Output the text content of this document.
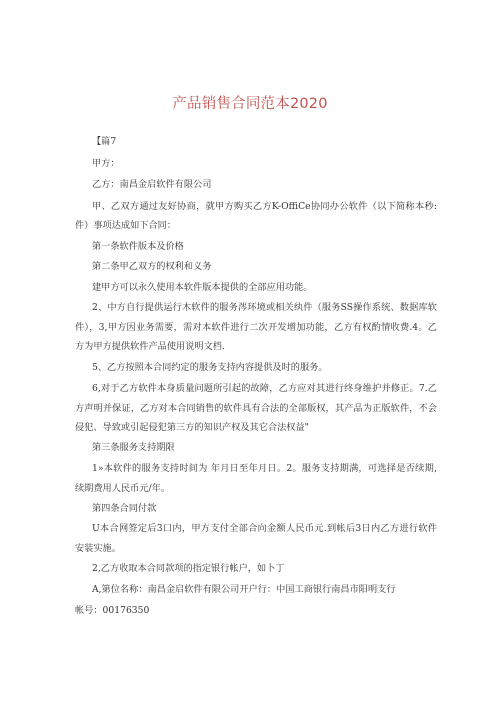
产品销售合同范本2020
【篇7
甲方：
乙方：南昌金启软件有限公司
甲、乙双方通过友好协商，就甲方购买乙方K-OffiCe协同办公软件（以下简称本秒:
件）事项达成如下合同：
第一条软件版本及价格
第二条甲乙双方的权利和义务
建甲方可以永久使用本软件版本提供的全部应用功能。
2、中方自行提供运行木软件的服务涔环境或相关纨件（服务SS操作系统、数据库软
件），3,甲方因业务需要，需对本软件进行二次开发增加功能，乙方有权酌情收费.4。乙
方为甲方提供软件产品使用说明文档.
5、乙方按照本合同约定的服务支持内容提供及时的服务。
6,对于乙方软件本身质量问题所引起的故障，乙方应对其进行终身维护并修正。7.乙
方声明并保证，乙方对本合同销售的软件具有合法的全部版权，其产品为正版软件，不会
侵犯、导致或引起侵犯第三方的知识产权及其它合法权益"
第三条服务支持期限
1»本软件的服务支持时间为 年月日至年月日。2。服务支持期满，可选择是否续期,
续期费用人民币元/年。
第四条合同付款
U本合网签定后3口内，甲方支付全部合向金额人民币元.到帐后3日内乙方进行软件
安装实施。
2,乙方收取本合同款项的指定银行帐户，如卜丁
A,第位名称：南昌金启软件有限公司开户行：中国工商银行南昌市阳明支行
帐号：00176350
